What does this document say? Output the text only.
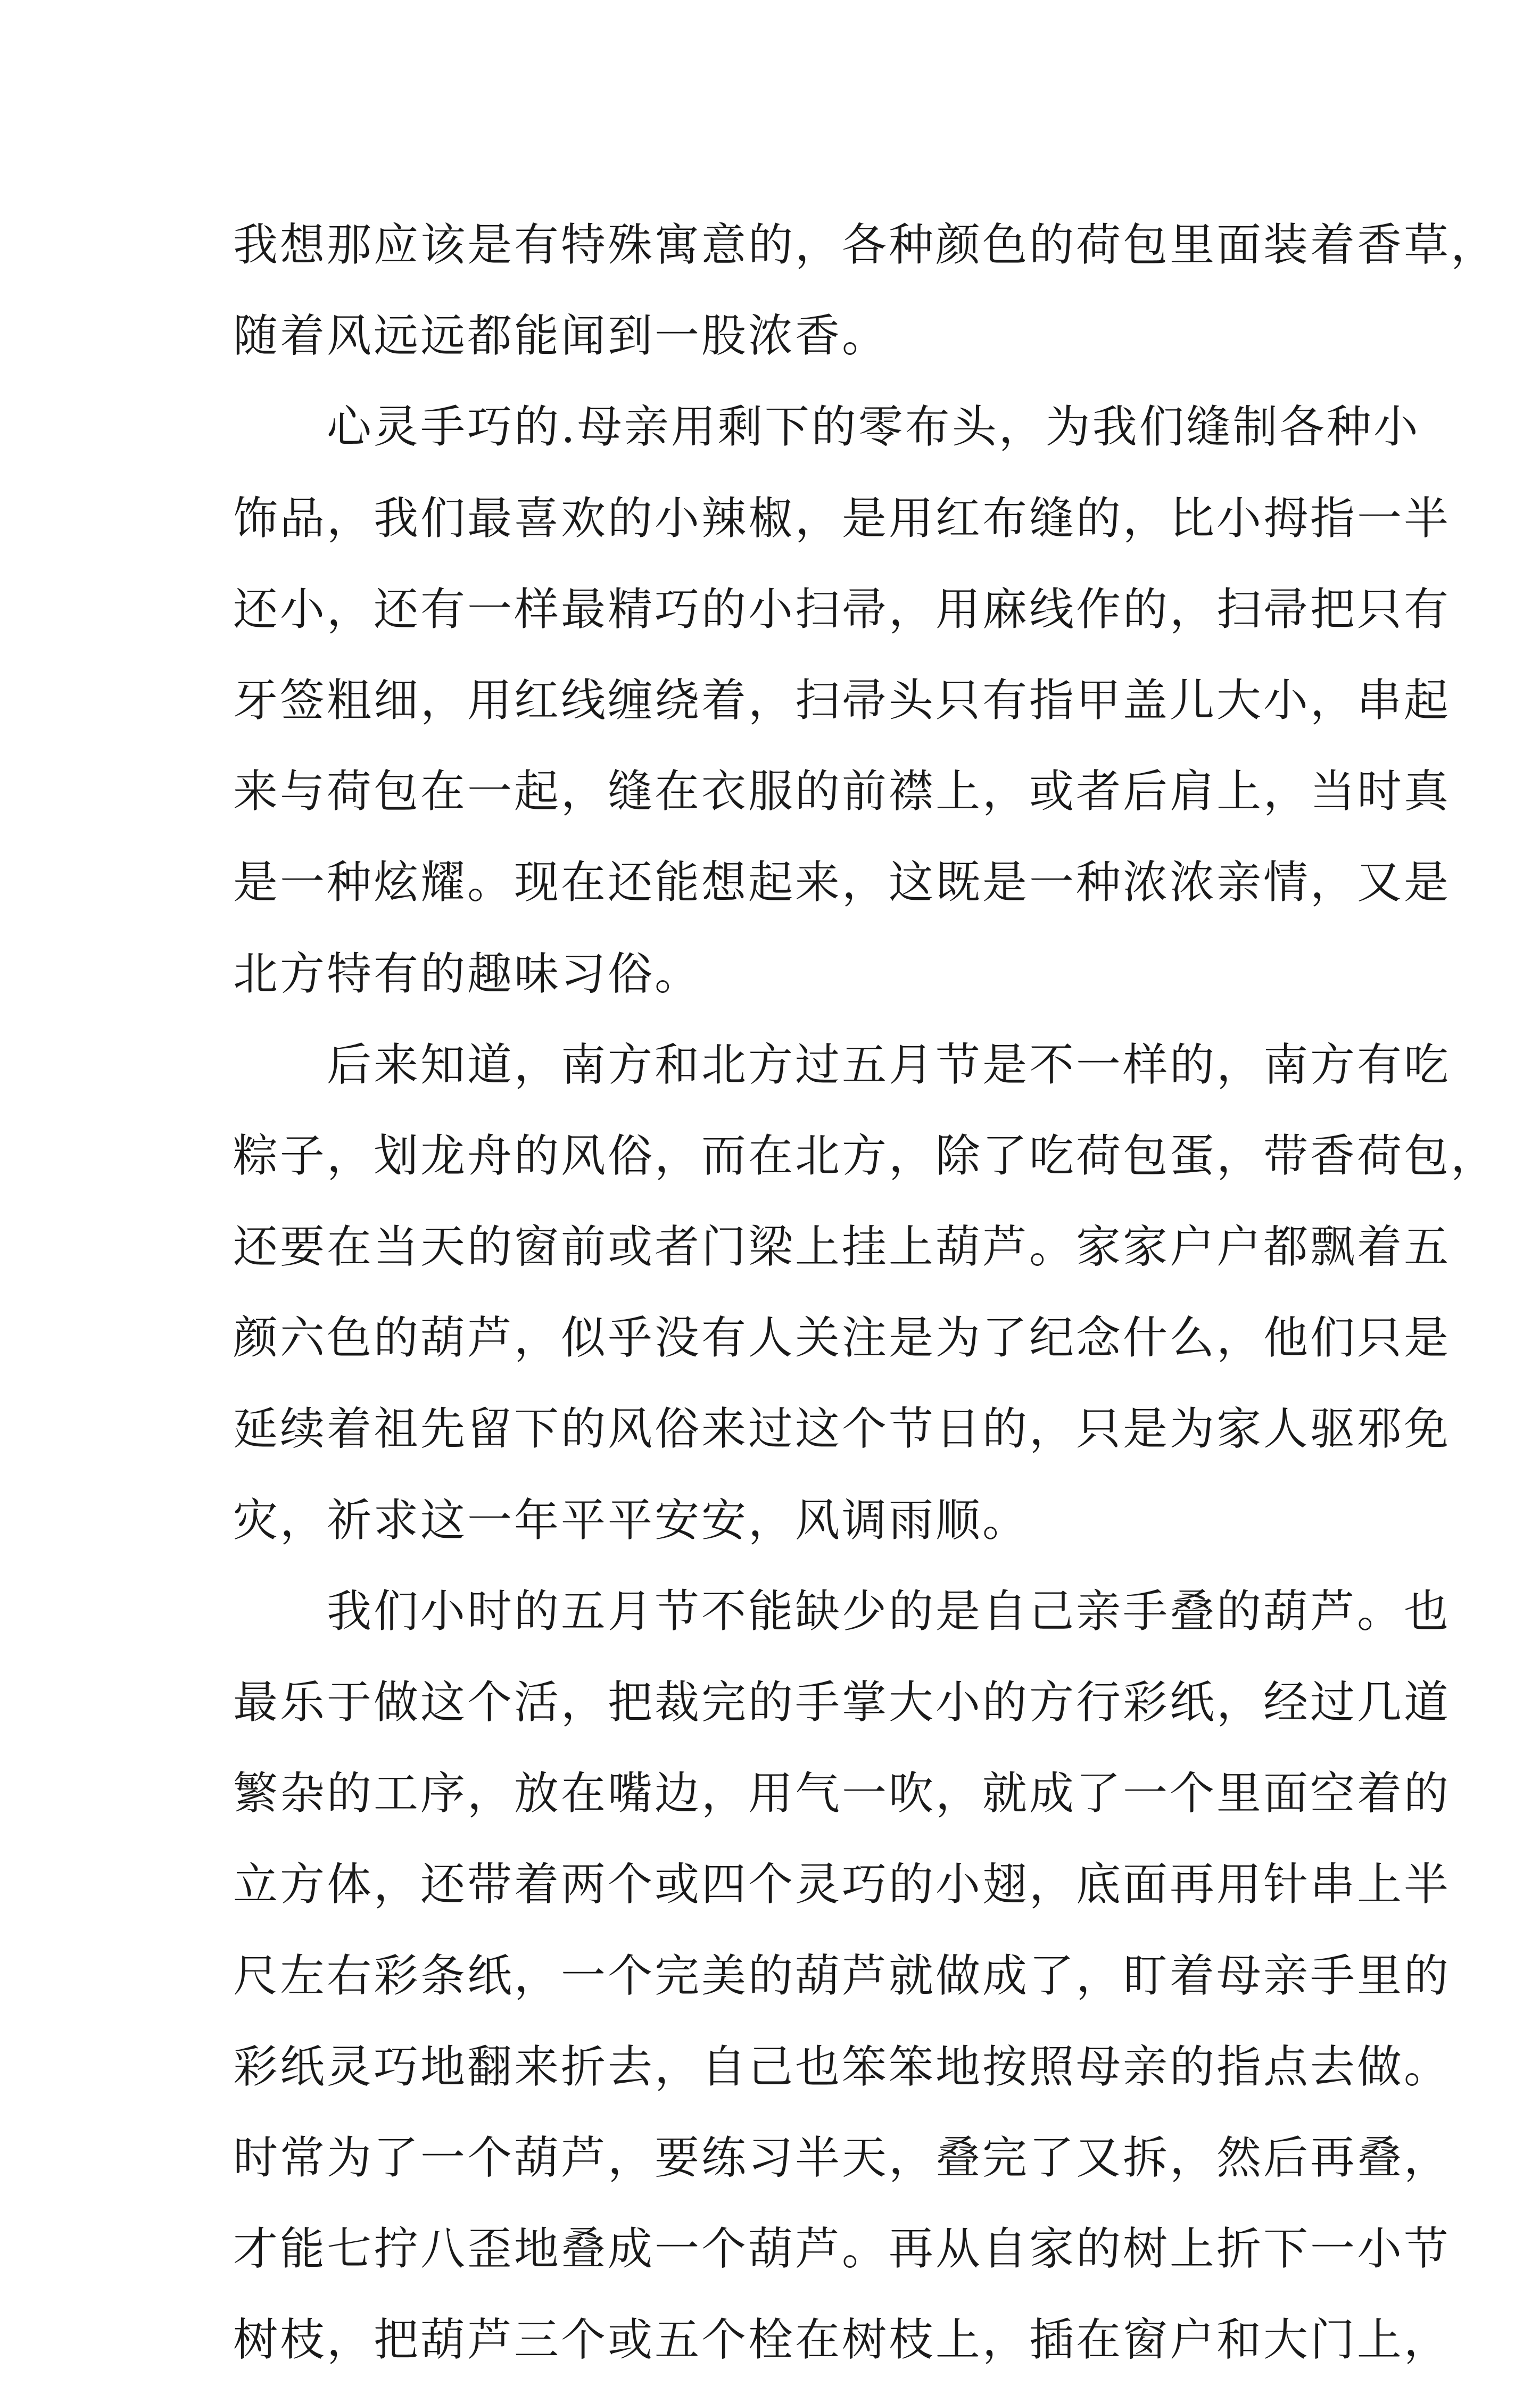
我想那应该是有特殊寓意的，各种颜色的荷包里面装着香草，
随着风远远都能闻到一股浓香。
　　心灵手巧的.母亲用剩下的零布头，为我们缝制各种小
饰品，我们最喜欢的小辣椒，是用红布缝的，比小拇指一半
还小，还有一样最精巧的小扫帚，用麻线作的，扫帚把只有
牙签粗细，用红线缠绕着，扫帚头只有指甲盖儿大小，串起
来与荷包在一起，缝在衣服的前襟上，或者后肩上，当时真
是一种炫耀。现在还能想起来，这既是一种浓浓亲情，又是
北方特有的趣味习俗。
　　后来知道，南方和北方过五月节是不一样的，南方有吃
粽子，划龙舟的风俗，而在北方，除了吃荷包蛋，带香荷包，
还要在当天的窗前或者门梁上挂上葫芦。家家户户都飘着五
颜六色的葫芦，似乎没有人关注是为了纪念什么，他们只是
延续着祖先留下的风俗来过这个节日的，只是为家人驱邪免
灾，祈求这一年平平安安，风调雨顺。
　　我们小时的五月节不能缺少的是自己亲手叠的葫芦。也
最乐于做这个活，把裁完的手掌大小的方行彩纸，经过几道
繁杂的工序，放在嘴边，用气一吹，就成了一个里面空着的
立方体，还带着两个或四个灵巧的小翅，底面再用针串上半
尺左右彩条纸，一个完美的葫芦就做成了，盯着母亲手里的
彩纸灵巧地翻来折去，自己也笨笨地按照母亲的指点去做。
时常为了一个葫芦，要练习半天，叠完了又拆，然后再叠，
才能七拧八歪地叠成一个葫芦。再从自家的树上折下一小节
树枝，把葫芦三个或五个栓在树枝上，插在窗户和大门上，
